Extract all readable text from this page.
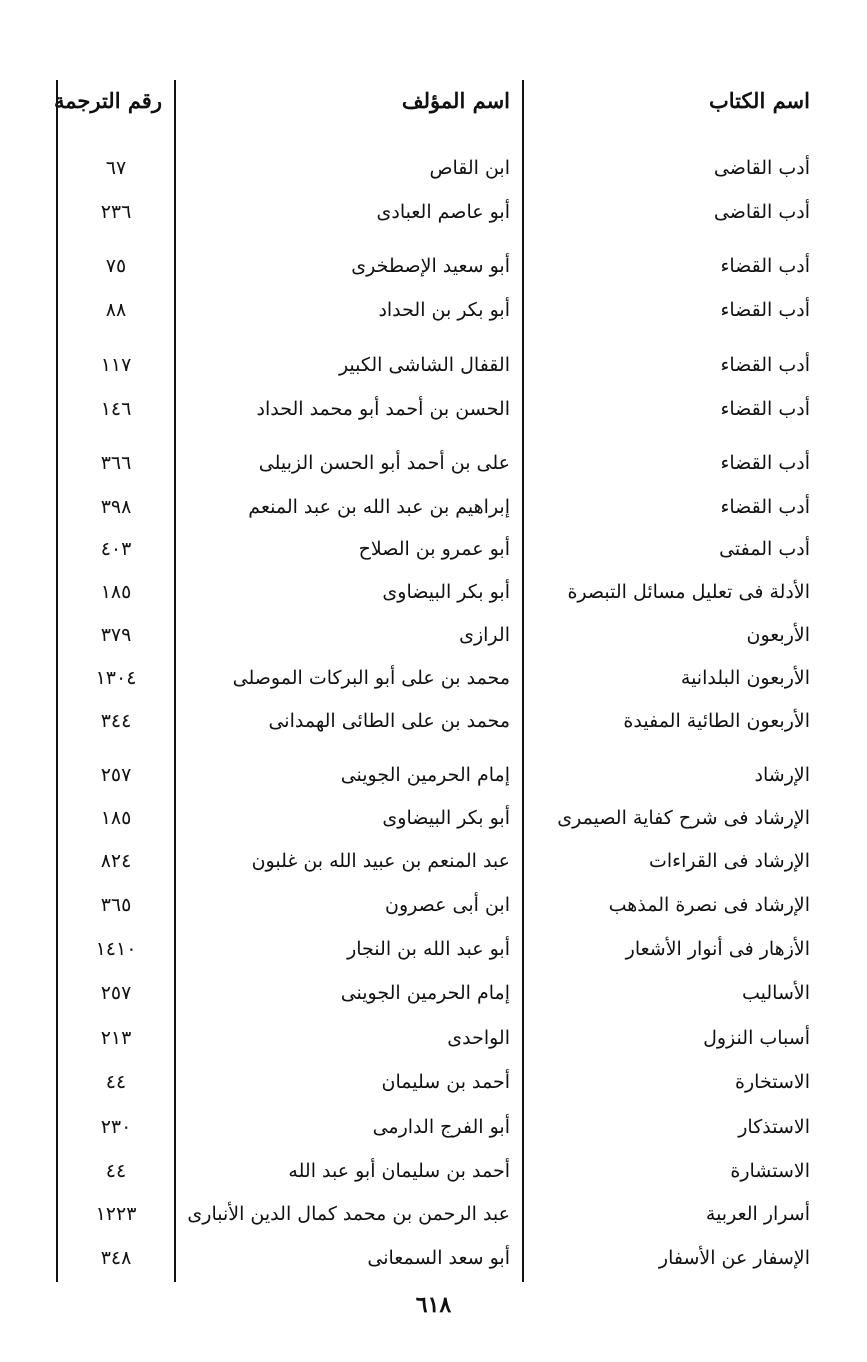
اسم الكتاب
اسم المؤلف
رقم الترجمة
أدب القاضى
ابن القاص
٦٧
أدب القاضى
أبو عاصم العبادى
٢٣٦
أدب القضاء
أبو سعيد الإصطخرى
٧٥
أدب القضاء
أبو بكر بن الحداد
٨٨
أدب القضاء
القفال الشاشى الكبير
١١٧
أدب القضاء
الحسن بن أحمد أبو محمد الحداد
١٤٦
أدب القضاء
على بن أحمد أبو الحسن الزبيلى
٣٦٦
أدب القضاء
إبراهيم بن عبد الله بن عبد المنعم
٣٩٨
أدب المفتى
أبو عمرو بن الصلاح
٤٠٣
الأدلة فى تعليل مسائل التبصرة
أبو بكر البيضاوى
١٨٥
الأربعون
الرازى
٣٧٩
الأربعون البلدانية
محمد بن على أبو البركات الموصلى
١٣٠٤
الأربعون الطائية المفيدة
محمد بن على الطائى الهمدانى
٣٤٤
الإرشاد
إمام الحرمين الجوينى
٢٥٧
الإرشاد فى شرح كفاية الصيمرى
أبو بكر البيضاوى
١٨٥
الإرشاد فى القراءات
عبد المنعم بن عبيد الله بن غلبون
٨٢٤
الإرشاد فى نصرة المذهب
ابن أبى عصرون
٣٦٥
الأزهار فى أنوار الأشعار
أبو عبد الله بن النجار
١٤١٠
الأساليب
إمام الحرمين الجوينى
٢٥٧
أسباب النزول
الواحدى
٢١٣
الاستخارة
أحمد بن سليمان
٤٤
الاستذكار
أبو الفرج الدارمى
٢٣٠
الاستشارة
أحمد بن سليمان أبو عبد الله
٤٤
أسرار العربية
عبد الرحمن بن محمد كمال الدين الأنبارى
١٢٢٣
الإسفار عن الأسفار
أبو سعد السمعانى
٣٤٨
٦١٨
